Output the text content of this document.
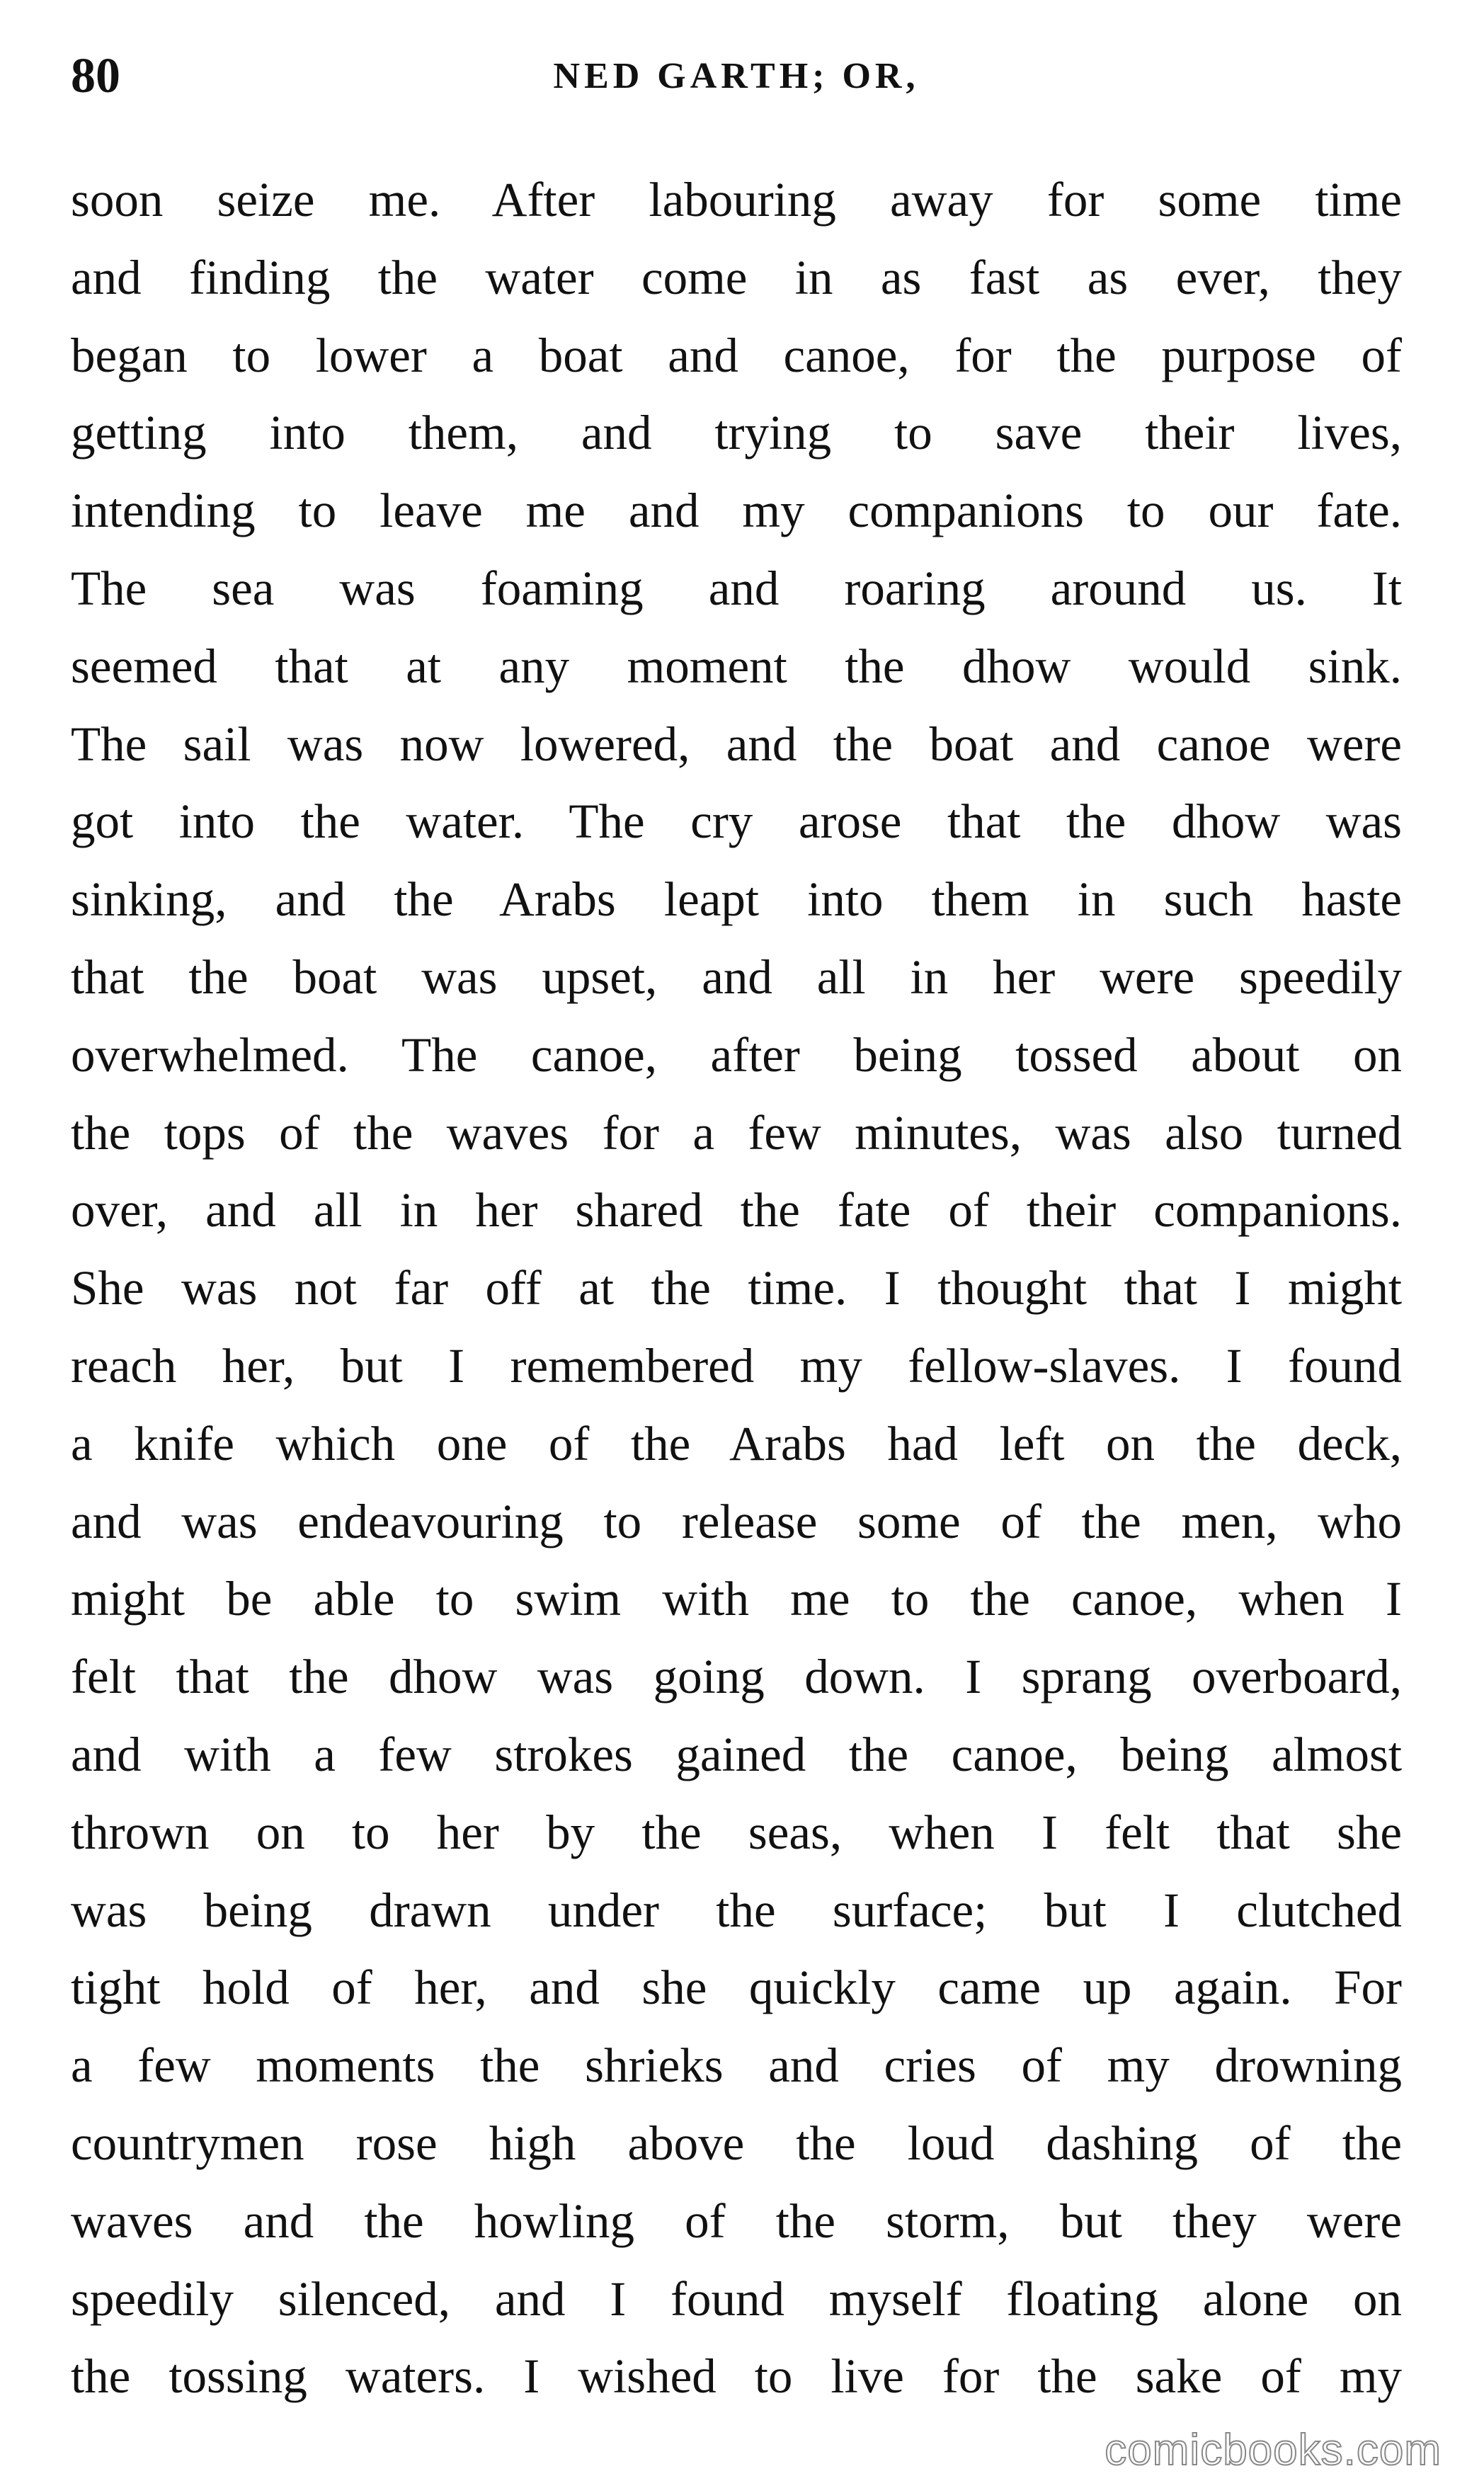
80	NED GARTH; OR,
soon seize me. After labouring away for some time
and finding the water come in as fast as ever, they
began to lower a boat and canoe, for the purpose of
getting into them, and trying to save their lives,
intending to leave me and my companions to our fate.
The sea was foaming and roaring around us. It
seemed that at any moment the dhow would sink.
The sail was now lowered, and the boat and canoe were
got into the water. The cry arose that the dhow was
sinking, and the Arabs leapt into them in such haste
that the boat was upset, and all in her were speedily
overwhelmed. The canoe, after being tossed about on
the tops of the waves for a few minutes, was also turned
over, and all in her shared the fate of their companions.
She was not far off at the time. I thought that I might
reach her, but I remembered my fellow-slaves. I found
a knife which one of the Arabs had left on the deck,
and was endeavouring to release some of the men, who
might be able to swim with me to the canoe, when I
felt that the dhow was going down. I sprang overboard,
and with a few strokes gained the canoe, being almost
thrown on to her by the seas, when I felt that she
was being drawn under the surface; but I clutched
tight hold of her, and she quickly came up again. For
a few moments the shrieks and cries of my drowning
countrymen rose high above the loud dashing of the
waves and the howling of the storm, but they were
speedily silenced, and I found myself floating alone on
the tossing waters. I wished to live for the sake of my
comicbooks.com
